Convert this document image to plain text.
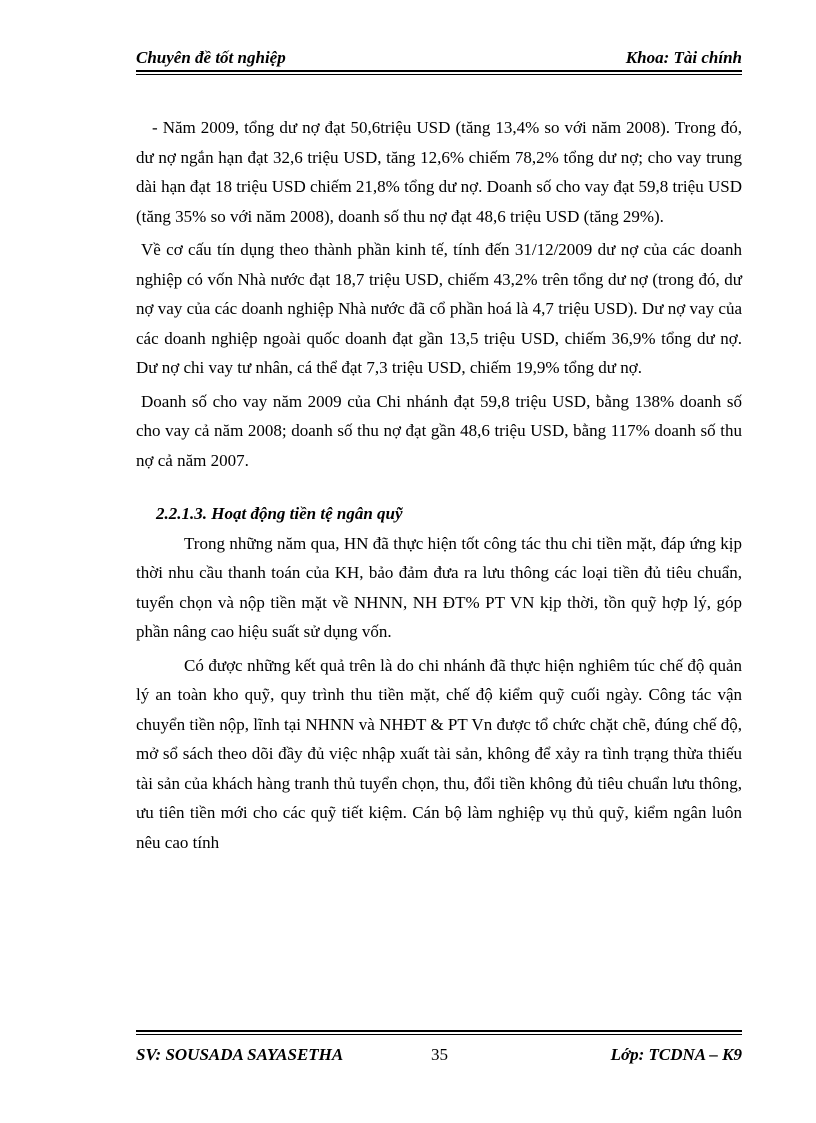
Chuyên đề tốt nghiệp	Khoa: Tài chính

- Năm 2009, tổng dư nợ đạt 50,6triệu USD (tăng 13,4% so với năm 2008). Trong đó, dư nợ ngắn hạn đạt 32,6 triệu USD, tăng 12,6% chiếm 78,2% tổng dư nợ; cho vay trung dài hạn đạt 18 triệu USD chiếm 21,8% tổng dư nợ. Doanh số cho vay đạt 59,8 triệu USD (tăng 35% so với năm 2008), doanh số thu nợ đạt 48,6 triệu USD (tăng 29%).

Về cơ cấu tín dụng theo thành phần kinh tế, tính đến 31/12/2009 dư nợ của các doanh nghiệp có vốn Nhà nước đạt 18,7 triệu USD, chiếm 43,2% trên tổng dư nợ (trong đó, dư nợ vay của các doanh nghiệp Nhà nước đã cổ phần hoá là 4,7 triệu USD). Dư nợ vay của các doanh nghiệp ngoài quốc doanh đạt gần 13,5 triệu USD, chiếm 36,9% tổng dư nợ. Dư nợ chi vay tư nhân, cá thể đạt 7,3 triệu USD, chiếm 19,9% tổng dư nợ.

Doanh số cho vay năm 2009 của Chi nhánh đạt 59,8 triệu USD, bằng 138% doanh số cho vay cả năm 2008; doanh số thu nợ đạt gần 48,6 triệu USD, bằng 117% doanh số thu nợ cả năm 2007.

2.2.1.3. Hoạt động tiền tệ ngân quỹ

Trong những năm qua, HN đã thực hiện tốt công tác thu chi tiền mặt, đáp ứng kịp thời nhu cầu thanh toán của KH, bảo đảm đưa ra lưu thông các loại tiền đủ tiêu chuẩn, tuyển chọn và nộp tiền mặt về NHNN, NH ĐT% PT VN kịp thời, tồn quỹ hợp lý, góp phần nâng cao hiệu suất sử dụng vốn.

Có được những kết quả trên là do chi nhánh đã thực hiện nghiêm túc chế độ quản lý an toàn kho quỹ, quy trình thu tiền mặt, chế độ kiểm quỹ cuối ngày. Công tác vận chuyển tiền nộp, lĩnh tại NHNN và NHĐT & PT Vn được tổ chức chặt chẽ, đúng chế độ, mở sổ sách theo dõi đầy đủ việc nhập xuất tài sản, không để xảy ra tình trạng thừa thiếu tài sản của khách hàng tranh thủ tuyển chọn, thu, đổi tiền không đủ tiêu chuẩn lưu thông, ưu tiên tiền mới cho các quỹ tiết kiệm. Cán bộ làm nghiệp vụ thủ quỹ, kiểm ngân luôn nêu cao tính

SV: SOUSADA SAYASETHA	35	Lớp: TCDNA – K9
